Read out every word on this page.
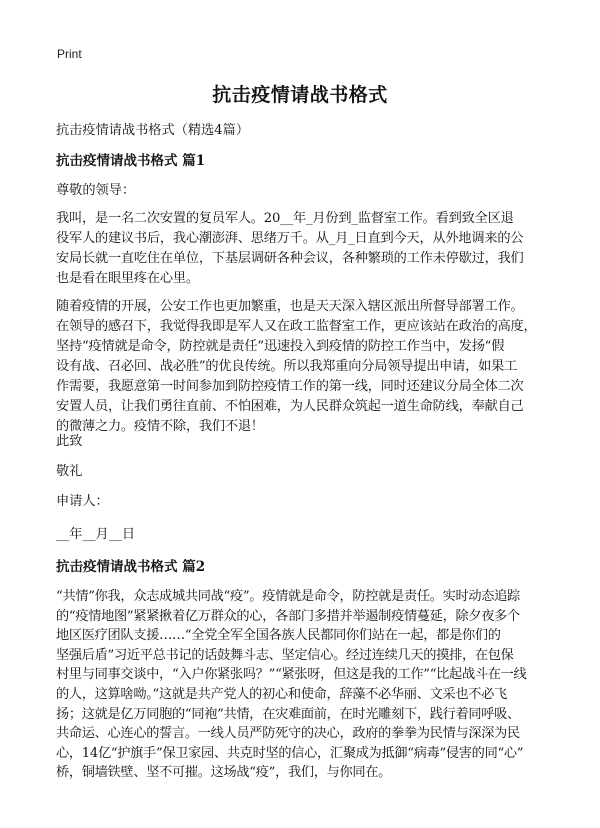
Print
抗击疫情请战书格式
抗击疫情请战书格式（精选4篇）
抗击疫情请战书格式 篇1
尊敬的领导：
我叫，是一名二次安置的复员军人。20__年_月份到_监督室工作。看到致全区退
役军人的建议书后，我心潮澎湃、思绪万千。从_月_日直到今天，从外地调来的公
安局长就一直吃住在单位，下基层调研各种会议，各种繁琐的工作未停歇过，我们
也是看在眼里疼在心里。
随着疫情的开展，公安工作也更加繁重，也是天天深入辖区派出所督导部署工作。
在领导的感召下，我觉得我即是军人又在政工监督室工作，更应该站在政治的高度，
坚持“疫情就是命令，防控就是责任”迅速投入到疫情的防控工作当中，发扬“假
设有战、召必回、战必胜”的优良传统。所以我郑重向分局领导提出申请，如果工
作需要，我愿意第一时间参加到防控疫情工作的第一线，同时还建议分局全体二次
安置人员，让我们勇往直前、不怕困难，为人民群众筑起一道生命防线，奉献自己
的微薄之力。疫情不除，我们不退！
此致
敬礼
申请人：
__年__月__日
抗击疫情请战书格式 篇2
“共情”你我，众志成城共同战“疫”。疫情就是命令，防控就是责任。实时动态追踪
的“疫情地图”紧紧揪着亿万群众的心，各部门多措并举遏制疫情蔓延，除夕夜多个
地区医疗团队支援……“全党全军全国各族人民都同你们站在一起，都是你们的
坚强后盾”习近平总书记的话鼓舞斗志、坚定信心。经过连续几天的摸排，在包保
村里与同事交谈中，“入户你紧张吗？”“紧张呀，但这是我的工作”“比起战斗在一线
的人，这算啥呦。”这就是共产党人的初心和使命，辞藻不必华丽、文采也不必飞
扬；这就是亿万同胞的“同袍”共情，在灾难面前，在时光雕刻下，践行着同呼吸、
共命运、心连心的誓言。一线人员严防死守的决心，政府的拳拳为民情与深深为民
心，14亿“护旗手”保卫家园、共克时坚的信心，汇聚成为抵御“病毒”侵害的同“心”
桥，铜墙铁壁、坚不可摧。这场战“疫”，我们，与你同在。
